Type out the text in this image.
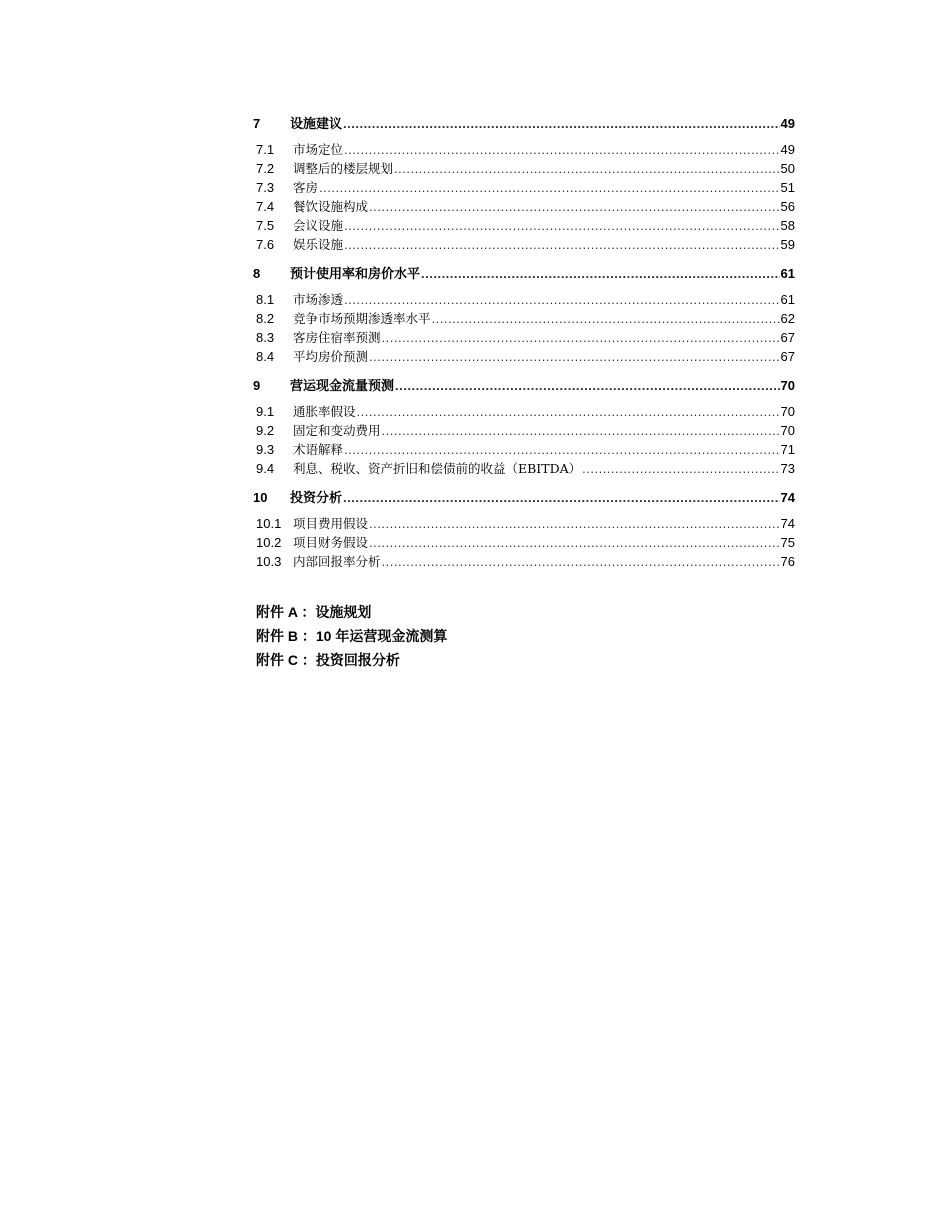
7	设施建议 .....	49
7.1	市场定位 .....	49
7.2	调整后的楼层规划 .....	50
7.3	客房 .....	51
7.4	餐饮设施构成 .....	56
7.5	会议设施 .....	58
7.6	娱乐设施 .....	59
8	预计使用率和房价水平 .....	61
8.1	市场渗透 .....	61
8.2	竞争市场预期渗透率水平 .....	62
8.3	客房住宿率预测 .....	67
8.4	平均房价预测 .....	67
9	营运现金流量预测 .....	70
9.1	通胀率假设 .....	70
9.2	固定和变动费用 .....	70
9.3	术语解释 .....	71
9.4	利息、税收、资产折旧和偿债前的收益（EBITDA） .....	73
10	投资分析 .....	74
10.1 项目费用假设 .....	74
10.2 项目财务假设 .....	75
10.3 内部回报率分析 .....	76
附件 A ：设施规划
附件 B ：10 年运营现金流测算
附件 C ：投资回报分析
